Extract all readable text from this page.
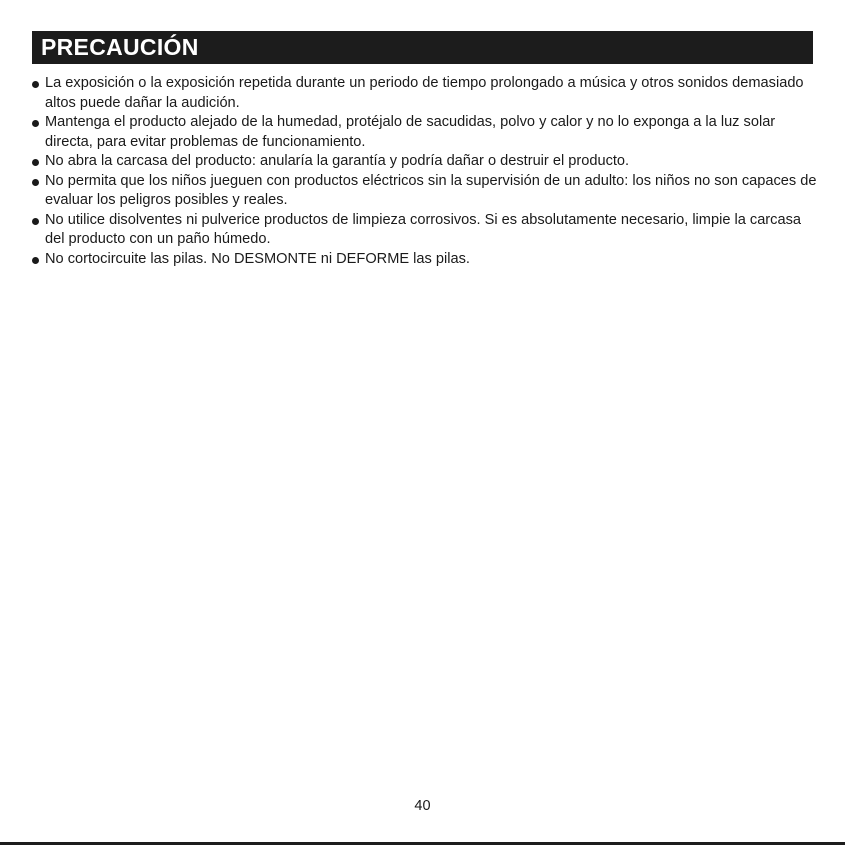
PRECAUCIÓN
La exposición o la exposición repetida durante un periodo de tiempo prolongado a música y otros sonidos demasiado altos puede dañar la audición.
Mantenga el producto alejado de la humedad, protéjalo de sacudidas, polvo y calor y no lo exponga a la luz solar directa, para evitar problemas de funcionamiento.
No abra la carcasa del producto: anularía la garantía y podría dañar o destruir el producto.
No permita que los niños jueguen con productos eléctricos sin la supervisión de un adulto: los niños no son capaces de evaluar los peligros posibles y reales.
No utilice disolventes ni pulverice productos de limpieza corrosivos. Si es absolutamente necesario, limpie la carcasa del producto con un paño húmedo.
No cortocircuite las pilas. No DESMONTE ni DEFORME las pilas.
40
